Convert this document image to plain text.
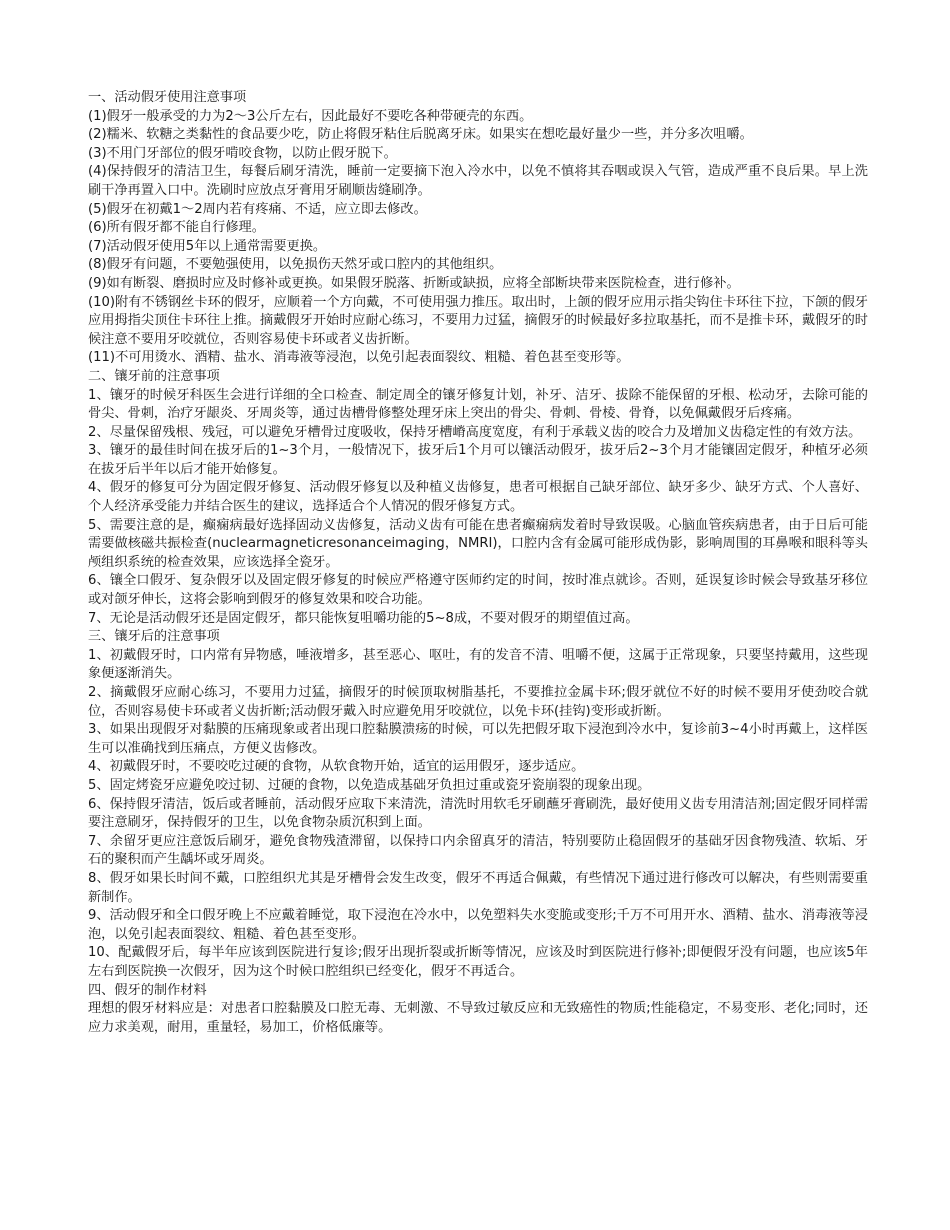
一、活动假牙使用注意事项

(1)假牙一般承受的力为2～3公斤左右，因此最好不要吃各种带硬壳的东西。

(2)糯米、软糖之类黏性的食品要少吃，防止将假牙粘住后脱离牙床。如果实在想吃最好量少一些，并分多次咀嚼。

(3)不用门牙部位的假牙啃咬食物，以防止假牙脱下。

(4)保持假牙的清洁卫生，每餐后刷牙清洗，睡前一定要摘下泡入冷水中，以免不慎将其吞咽或误入气管，造成严重不良后果。早上洗刷干净再置入口中。洗刷时应放点牙膏用牙刷顺齿缝刷净。

(5)假牙在初戴1～2周内若有疼痛、不适，应立即去修改。

(6)所有假牙都不能自行修理。

(7)活动假牙使用5年以上通常需要更换。

(8)假牙有问题，不要勉强使用，以免损伤天然牙或口腔内的其他组织。

(9)如有断裂、磨损时应及时修补或更换。如果假牙脱落、折断或缺损，应将全部断块带来医院检查，进行修补。

(10)附有不锈钢丝卡环的假牙，应顺着一个方向戴，不可使用强力推压。取出时，上颌的假牙应用示指尖钩住卡环往下拉，下颌的假牙应用拇指尖顶住卡环往上推。摘戴假牙开始时应耐心练习，不要用力过猛，摘假牙的时候最好多拉取基托，而不是推卡环，戴假牙的时候注意不要用牙咬就位，否则容易使卡环或者义齿折断。

(11)不可用烫水、酒精、盐水、消毒液等浸泡，以免引起表面裂纹、粗糙、着色甚至变形等。

二、镶牙前的注意事项

1、镶牙的时候牙科医生会进行详细的全口检查、制定周全的镶牙修复计划，补牙、洁牙、拔除不能保留的牙根、松动牙，去除可能的骨尖、骨刺，治疗牙龈炎、牙周炎等，通过齿槽骨修整处理牙床上突出的骨尖、骨刺、骨棱、骨脊，以免佩戴假牙后疼痛。

2、尽量保留残根、残冠，可以避免牙槽骨过度吸收，保持牙槽嵴高度宽度，有利于承载义齿的咬合力及增加义齿稳定性的有效方法。

3、镶牙的最佳时间在拔牙后的1~3个月，一般情况下，拔牙后1个月可以镶活动假牙，拔牙后2~3个月才能镶固定假牙，种植牙必须在拔牙后半年以后才能开始修复。

4、假牙的修复可分为固定假牙修复、活动假牙修复以及种植义齿修复，患者可根据自己缺牙部位、缺牙多少、缺牙方式、个人喜好、个人经济承受能力并结合医生的建议，选择适合个人情况的假牙修复方式。

5、需要注意的是，癫痫病最好选择固动义齿修复，活动义齿有可能在患者癫痫病发着时导致误吸。心脑血管疾病患者，由于日后可能需要做核磁共振检查(nuclearmagneticresonanceimaging，NMRI)，口腔内含有金属可能形成伪影，影响周围的耳鼻喉和眼科等头颅组织系统的检查效果，应该选择全瓷牙。

6、镶全口假牙、复杂假牙以及固定假牙修复的时候应严格遵守医师约定的时间，按时准点就诊。否则，延误复诊时候会导致基牙移位或对颌牙伸长，这将会影响到假牙的修复效果和咬合功能。

7、无论是活动假牙还是固定假牙，都只能恢复咀嚼功能的5~8成，不要对假牙的期望值过高。

三、镶牙后的注意事项

1、初戴假牙时，口内常有异物感，唾液增多，甚至恶心、呕吐，有的发音不清、咀嚼不便，这属于正常现象，只要坚持戴用，这些现象便逐渐消失。

2、摘戴假牙应耐心练习，不要用力过猛，摘假牙的时候顶取树脂基托，不要推拉金属卡环;假牙就位不好的时候不要用牙使劲咬合就位，否则容易使卡环或者义齿折断;活动假牙戴入时应避免用牙咬就位，以免卡环(挂钩)变形或折断。

3、如果出现假牙对黏膜的压痛现象或者出现口腔黏膜溃疡的时候，可以先把假牙取下浸泡到冷水中，复诊前3~4小时再戴上，这样医生可以准确找到压痛点，方便义齿修改。

4、初戴假牙时，不要咬吃过硬的食物，从软食物开始，适宜的运用假牙，逐步适应。

5、固定烤瓷牙应避免咬过韧、过硬的食物，以免造成基础牙负担过重或瓷牙瓷崩裂的现象出现。

6、保持假牙清洁，饭后或者睡前，活动假牙应取下来清洗，清洗时用软毛牙刷蘸牙膏刷洗，最好使用义齿专用清洁剂;固定假牙同样需要注意刷牙，保持假牙的卫生，以免食物杂质沉积到上面。

7、余留牙更应注意饭后刷牙，避免食物残渣滞留，以保持口内余留真牙的清洁，特别要防止稳固假牙的基础牙因食物残渣、软垢、牙石的聚积而产生龋坏或牙周炎。

8、假牙如果长时间不戴，口腔组织尤其是牙槽骨会发生改变，假牙不再适合佩戴，有些情况下通过进行修改可以解决，有些则需要重新制作。

9、活动假牙和全口假牙晚上不应戴着睡觉，取下浸泡在冷水中，以免塑料失水变脆或变形;千万不可用开水、酒精、盐水、消毒液等浸泡，以免引起表面裂纹、粗糙、着色甚至变形。

10、配戴假牙后，每半年应该到医院进行复诊;假牙出现折裂或折断等情况，应该及时到医院进行修补;即便假牙没有问题，也应该5年左右到医院换一次假牙，因为这个时候口腔组织已经变化，假牙不再适合。

四、假牙的制作材料

理想的假牙材料应是：对患者口腔黏膜及口腔无毒、无刺激、不导致过敏反应和无致癌性的物质;性能稳定，不易变形、老化;同时，还应力求美观，耐用，重量轻，易加工，价格低廉等。
